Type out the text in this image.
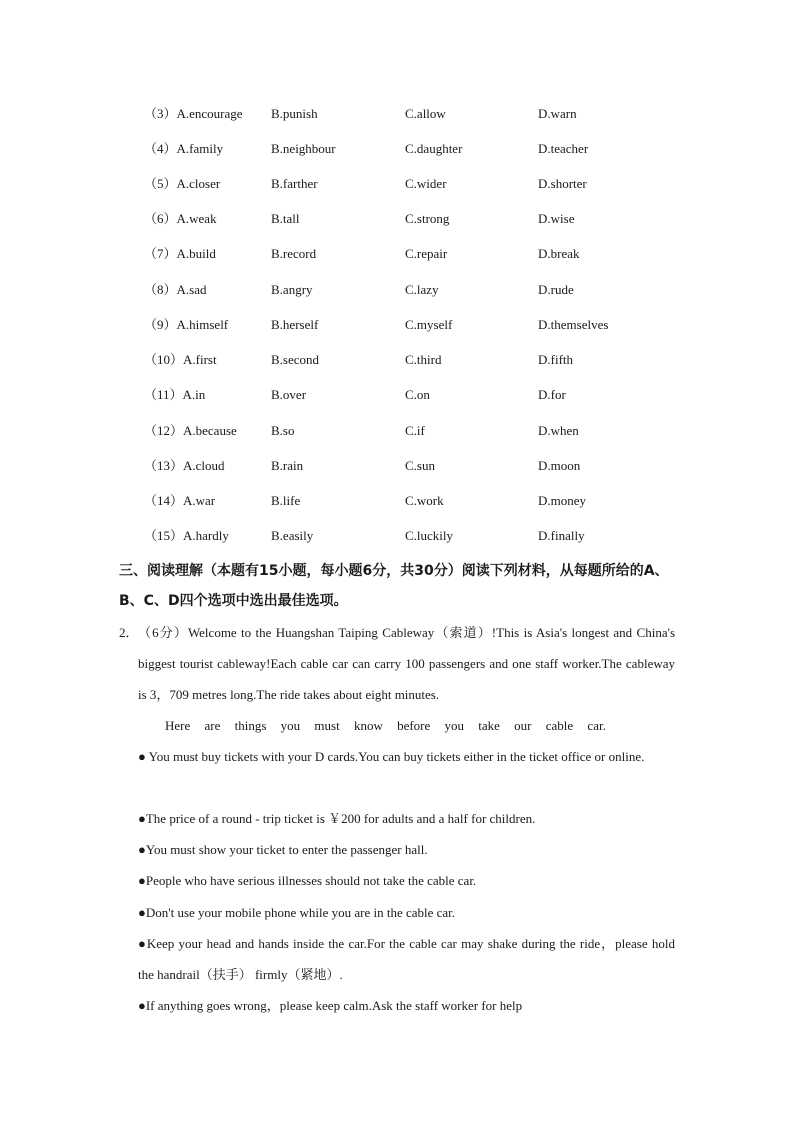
（3）A.encourage B.punish	C.allow	D.warn
（4）A.family	B.neighbour	C.daughter	D.teacher
（5）A.closer	B.farther	C.wider	D.shorter
（6）A.weak	B.tall	C.strong	D.wise
（7）A.build	B.record	C.repair	D.break
（8）A.sad	B.angry	C.lazy	D.rude
（9）A.himself	B.herself	C.myself	D.themselves
（10）A.first	B.second	C.third	D.fifth
（11）A.in	B.over	C.on	D.for
（12）A.because	B.so	C.if	D.when
（13）A.cloud	B.rain	C.sun	D.moon
（14）A.war	B.life	C.work	D.money
（15）A.hardly	B.easily	C.luckily	D.finally
三、阅读理解（本题有15小题，每小题6分，共30分）阅读下列材料，从每题所给的A、B、C、D四个选项中选出最佳选项。
2． （6分）Welcome to the Huangshan Taiping Cableway（索道）!This is Asia's longest and China's biggest tourist cableway!Each cable car can carry 100 passengers and one staff worker.The cableway is 3，709 metres long.The ride takes about eight minutes.
Here are things you must know before you take our cable car.
● You must buy tickets with your D cards.You can buy tickets either in the ticket office or online.
●The price of a round - trip ticket is ￥200 for adults and a half for children.
●You must show your ticket to enter the passenger hall.
●People who have serious illnesses should not take the cable car.
●Don't use your mobile phone while you are in the cable car.
●Keep your head and hands inside the car.For the cable car may shake during the ride，please hold the handrail（扶手） firmly（紧地）.
●If anything goes wrong，please keep calm.Ask the staff worker for help
